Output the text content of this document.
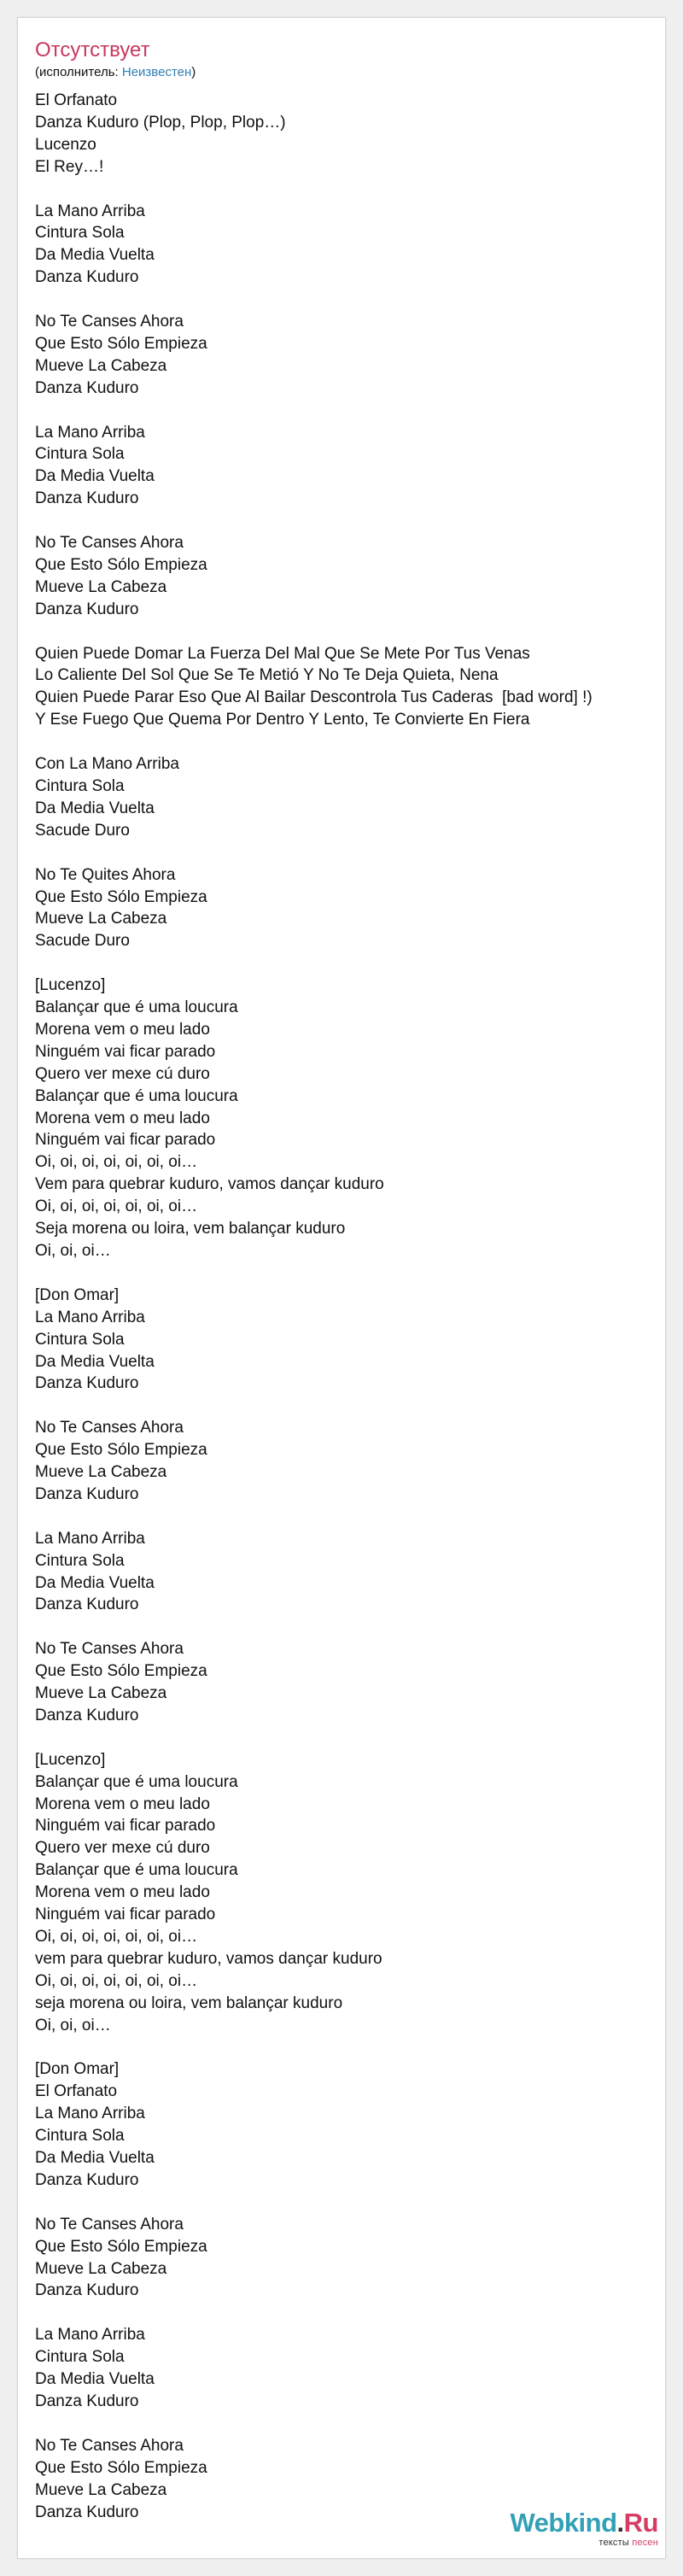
Отсутствует
(исполнитель: Неизвестен)
El Orfanato
Danza Kuduro (Plop, Plop, Plop…)
Lucenzo
El Rey…!
La Mano Arriba
Cintura Sola
Da Media Vuelta
Danza Kuduro
No Te Canses Ahora
Que Esto Sólo Empieza
Mueve La Cabeza
Danza Kuduro
La Mano Arriba
Cintura Sola
Da Media Vuelta
Danza Kuduro
No Te Canses Ahora
Que Esto Sólo Empieza
Mueve La Cabeza
Danza Kuduro
Quien Puede Domar La Fuerza Del Mal Que Se Mete Por Tus Venas
Lo Caliente Del Sol Que Se Te Metió Y No Te Deja Quieta, Nena
Quien Puede Parar Eso Que Al Bailar Descontrola Tus Caderas  [bad word] !)
Y Ese Fuego Que Quema Por Dentro Y Lento, Te Convierte En Fiera
Con La Mano Arriba
Cintura Sola
Da Media Vuelta
Sacude Duro
No Te Quites Ahora
Que Esto Sólo Empieza
Mueve La Cabeza
Sacude Duro
[Lucenzo]
Balançar que é uma loucura
Morena vem o meu lado
Ninguém vai ficar parado
Quero ver mexe cú duro
Balançar que é uma loucura
Morena vem o meu lado
Ninguém vai ficar parado
Oi, oi, oi, oi, oi, oi, oi…
Vem para quebrar kuduro, vamos dançar kuduro
Oi, oi, oi, oi, oi, oi, oi…
Seja morena ou loira, vem balançar kuduro
Oi, oi, oi…
[Don Omar]
La Mano Arriba
Cintura Sola
Da Media Vuelta
Danza Kuduro
No Te Canses Ahora
Que Esto Sólo Empieza
Mueve La Cabeza
Danza Kuduro
La Mano Arriba
Cintura Sola
Da Media Vuelta
Danza Kuduro
No Te Canses Ahora
Que Esto Sólo Empieza
Mueve La Cabeza
Danza Kuduro
[Lucenzo]
Balançar que é uma loucura
Morena vem o meu lado
Ninguém vai ficar parado
Quero ver mexe cú duro
Balançar que é uma loucura
Morena vem o meu lado
Ninguém vai ficar parado
Oi, oi, oi, oi, oi, oi, oi…
vem para quebrar kuduro, vamos dançar kuduro
Oi, oi, oi, oi, oi, oi, oi…
seja morena ou loira, vem balançar kuduro
Oi, oi, oi…
[Don Omar]
El Orfanato
La Mano Arriba
Cintura Sola
Da Media Vuelta
Danza Kuduro
No Te Canses Ahora
Que Esto Sólo Empieza
Mueve La Cabeza
Danza Kuduro
La Mano Arriba
Cintura Sola
Da Media Vuelta
Danza Kuduro
No Te Canses Ahora
Que Esto Sólo Empieza
Mueve La Cabeza
Danza Kuduro	Webkind.Ru
тексты песен
